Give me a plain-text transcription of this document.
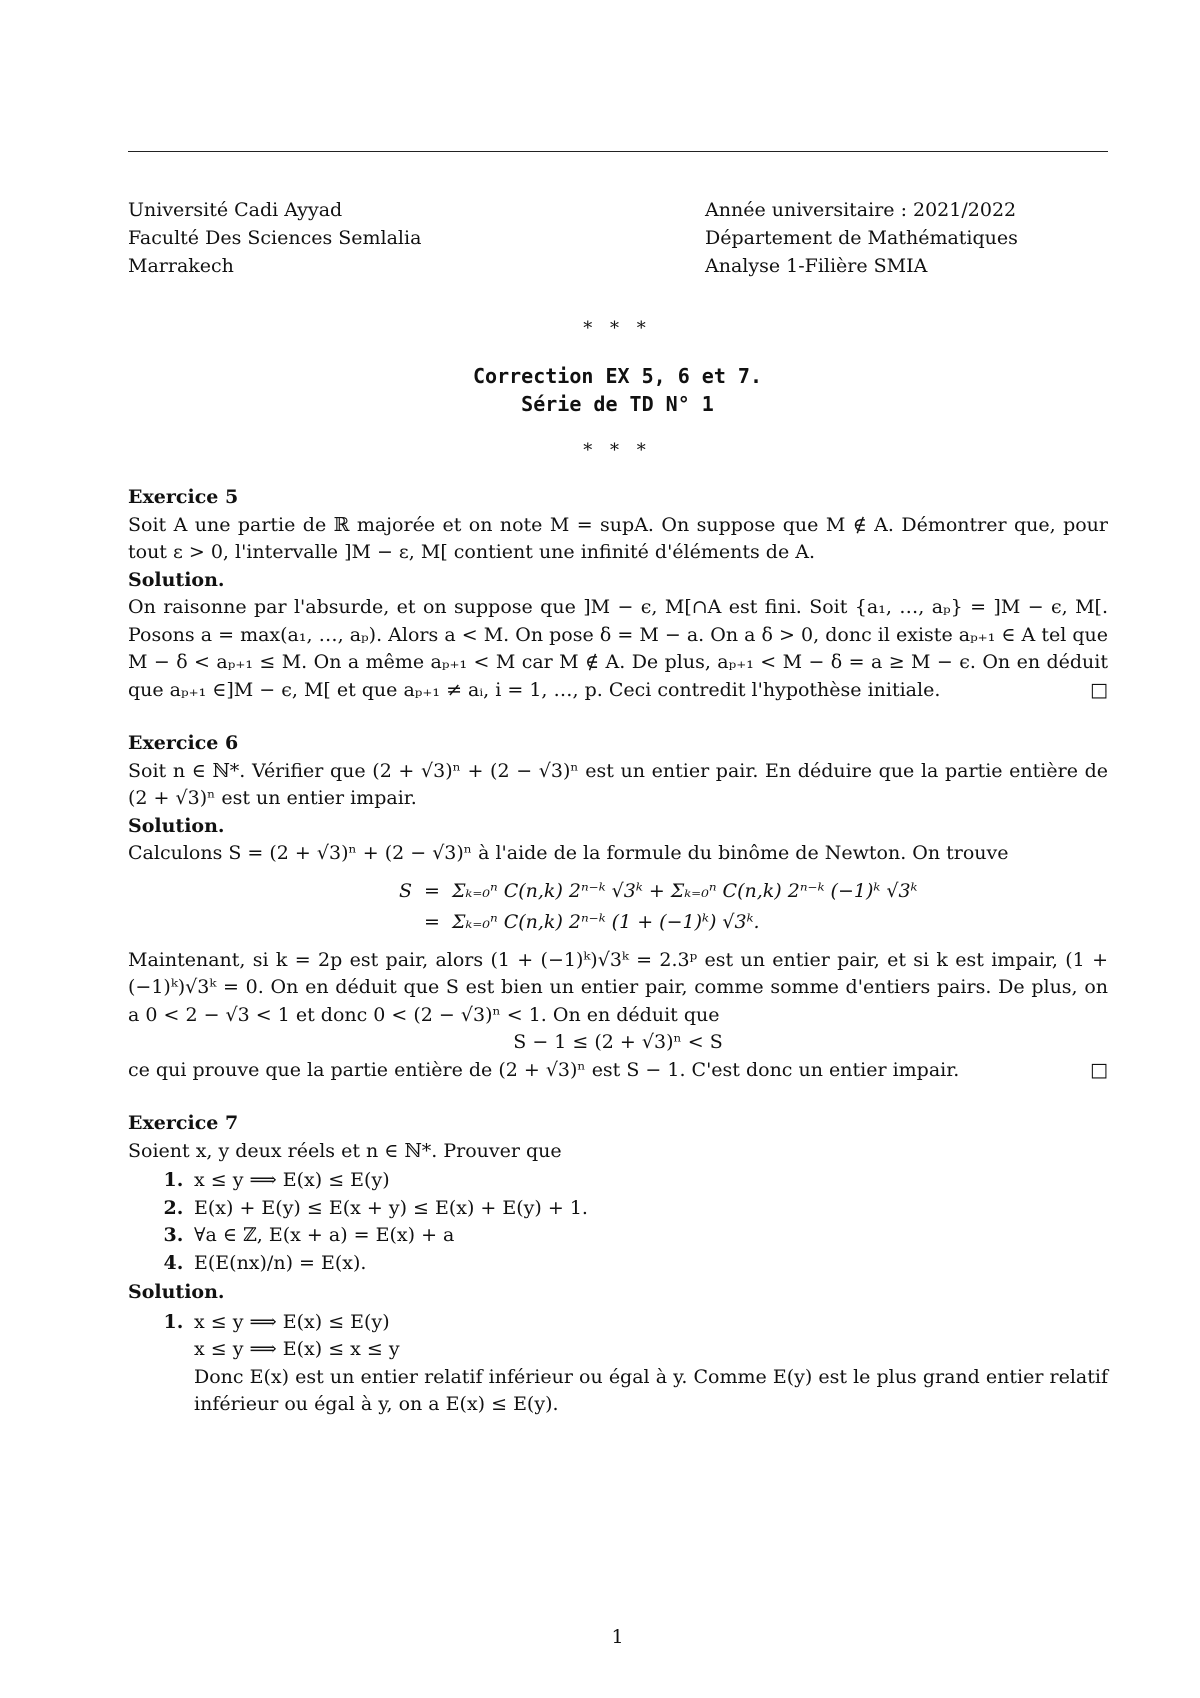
Université Cadi Ayyad
Faculté Des Sciences Semlalia
Marrakech
Année universitaire : 2021/2022
Département de Mathématiques
Analyse 1-Filière SMIA
* * *
Correction EX 5, 6 et 7.
Série de TD N° 1
* * *

Exercice 5

Soit A une partie de ℝ majorée et on note M = supA. On suppose que M ∉ A. Démontrer que, pour tout ε > 0, l'intervalle ]M − ε, M[ contient une infinité d'éléments de A.

Solution.

On raisonne par l'absurde, et on suppose que ]M − ϵ, M[∩A est fini. Soit {a₁, …, aₚ} = ]M − ϵ, M[. Posons a = max(a₁, …, aₚ). Alors a < M. On pose δ = M − a. On a δ > 0, donc il existe aₚ₊₁ ∈ A tel que M − δ < aₚ₊₁ ≤ M. On a même aₚ₊₁ < M car M ∉ A. De plus, aₚ₊₁ < M − δ = a ≥ M − ϵ. On en déduit que aₚ₊₁ ∈]M − ϵ, M[ et que aₚ₊₁ ≠ aᵢ, i = 1, …, p. Ceci contredit l'hypothèse initiale.	□

Exercice 6

Soit n ∈ ℕ*. Vérifier que (2 + √3)ⁿ + (2 − √3)ⁿ est un entier pair. En déduire que la partie entière de (2 + √3)ⁿ est un entier impair.

Solution.

Calculons S = (2 + √3)ⁿ + (2 − √3)ⁿ à l'aide de la formule du binôme de Newton. On trouve

S	=	Σₖ₌₀ⁿ C(n,k) 2ⁿ⁻ᵏ √3ᵏ + Σₖ₌₀ⁿ C(n,k) 2ⁿ⁻ᵏ (−1)ᵏ √3ᵏ
	=	Σₖ₌₀ⁿ C(n,k) 2ⁿ⁻ᵏ (1 + (−1)ᵏ) √3ᵏ.

Maintenant, si k = 2p est pair, alors (1 + (−1)ᵏ)√3ᵏ = 2.3ᵖ est un entier pair, et si k est impair, (1 + (−1)ᵏ)√3ᵏ = 0. On en déduit que S est bien un entier pair, comme somme d'entiers pairs. De plus, on a 0 < 2 − √3 < 1 et donc 0 < (2 − √3)ⁿ < 1. On en déduit que

S − 1 ≤ (2 + √3)ⁿ < S

ce qui prouve que la partie entière de (2 + √3)ⁿ est S − 1. C'est donc un entier impair.	□

Exercice 7

Soient x, y deux réels et n ∈ ℕ*. Prouver que

1. x ≤ y ⟹ E(x) ≤ E(y)
2. E(x) + E(y) ≤ E(x + y) ≤ E(x) + E(y) + 1.
3. ∀a ∈ ℤ, E(x + a) = E(x) + a
4. E(E(nx)/n) = E(x).

Solution.

1. x ≤ y ⟹ E(x) ≤ E(y)
x ≤ y ⟹ E(x) ≤ x ≤ y
Donc E(x) est un entier relatif inférieur ou égal à y. Comme E(y) est le plus grand entier relatif inférieur ou égal à y, on a E(x) ≤ E(y).
1
